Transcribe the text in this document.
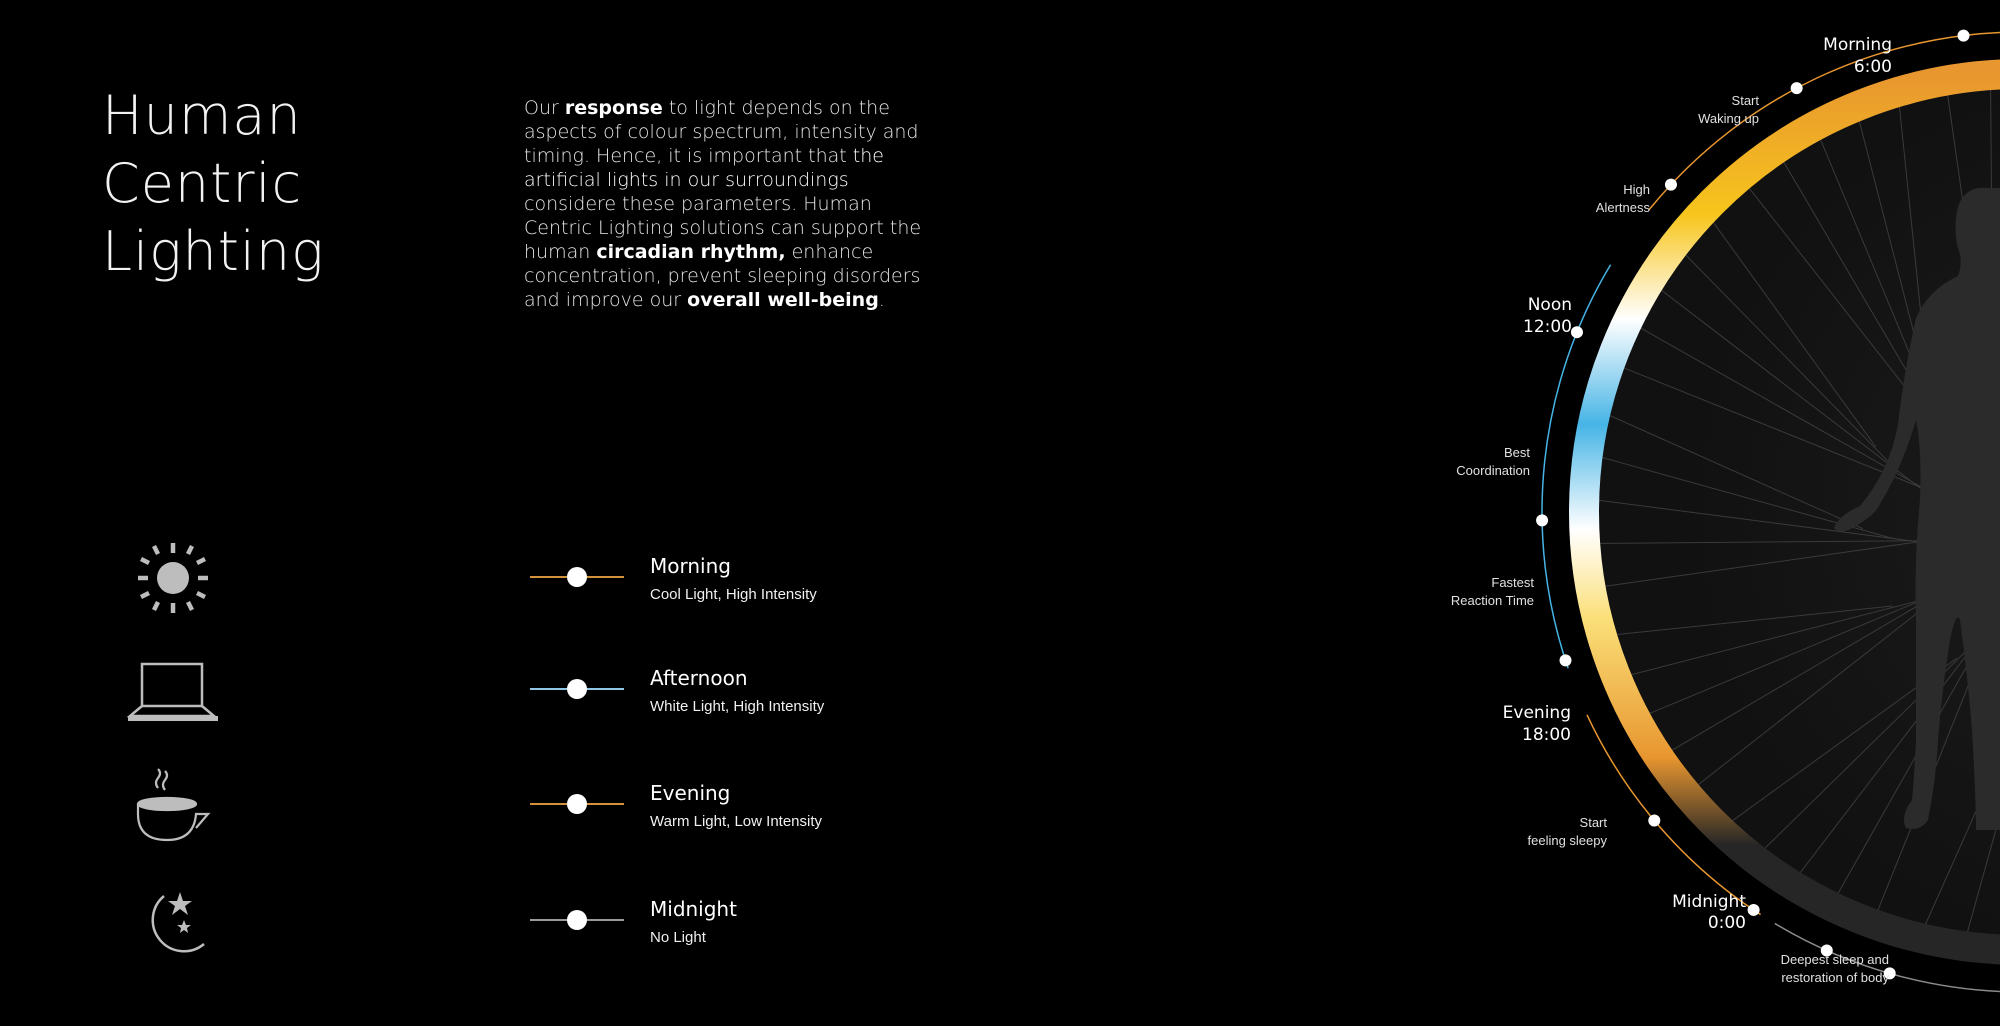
Human
Centric
Lighting
Our response to light depends on the aspects of colour spectrum, intensity and timing. Hence, it is important that the artificial lights in our surroundings considere these parameters. Human Centric Lighting solutions can support the human circadian rhythm, enhance concentration, prevent sleeping disorders and improve our overall well-being.
Morning
Cool Light, High Intensity
Afternoon
White Light, High Intensity
Evening
Warm Light, Low Intensity
Midnight
No Light
Morning
6:00
Noon
12:00
Evening
18:00
Midnight
0:00
Start
Waking up
High
Alertness
Best
Coordination
Fastest
Reaction Time
Start
feeling sleepy
Deepest sleep and
restoration of body
